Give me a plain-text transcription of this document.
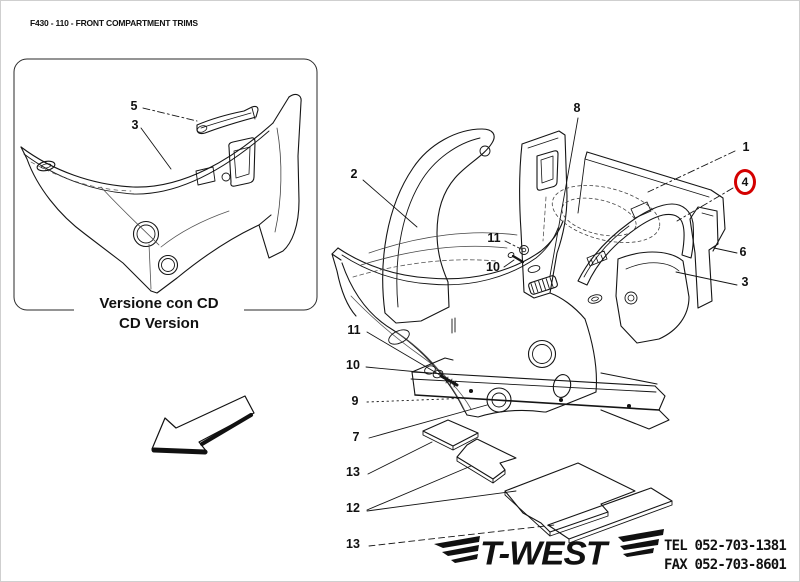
F430 - 110 - FRONT COMPARTMENT TRIMS
Versione con CD
CD Version
5
3
2
8
1
4
11
10
6
3
11
10
9
7
13
12
13	T-WEST	TEL 052-703-1381
FAX 052-703-8601
